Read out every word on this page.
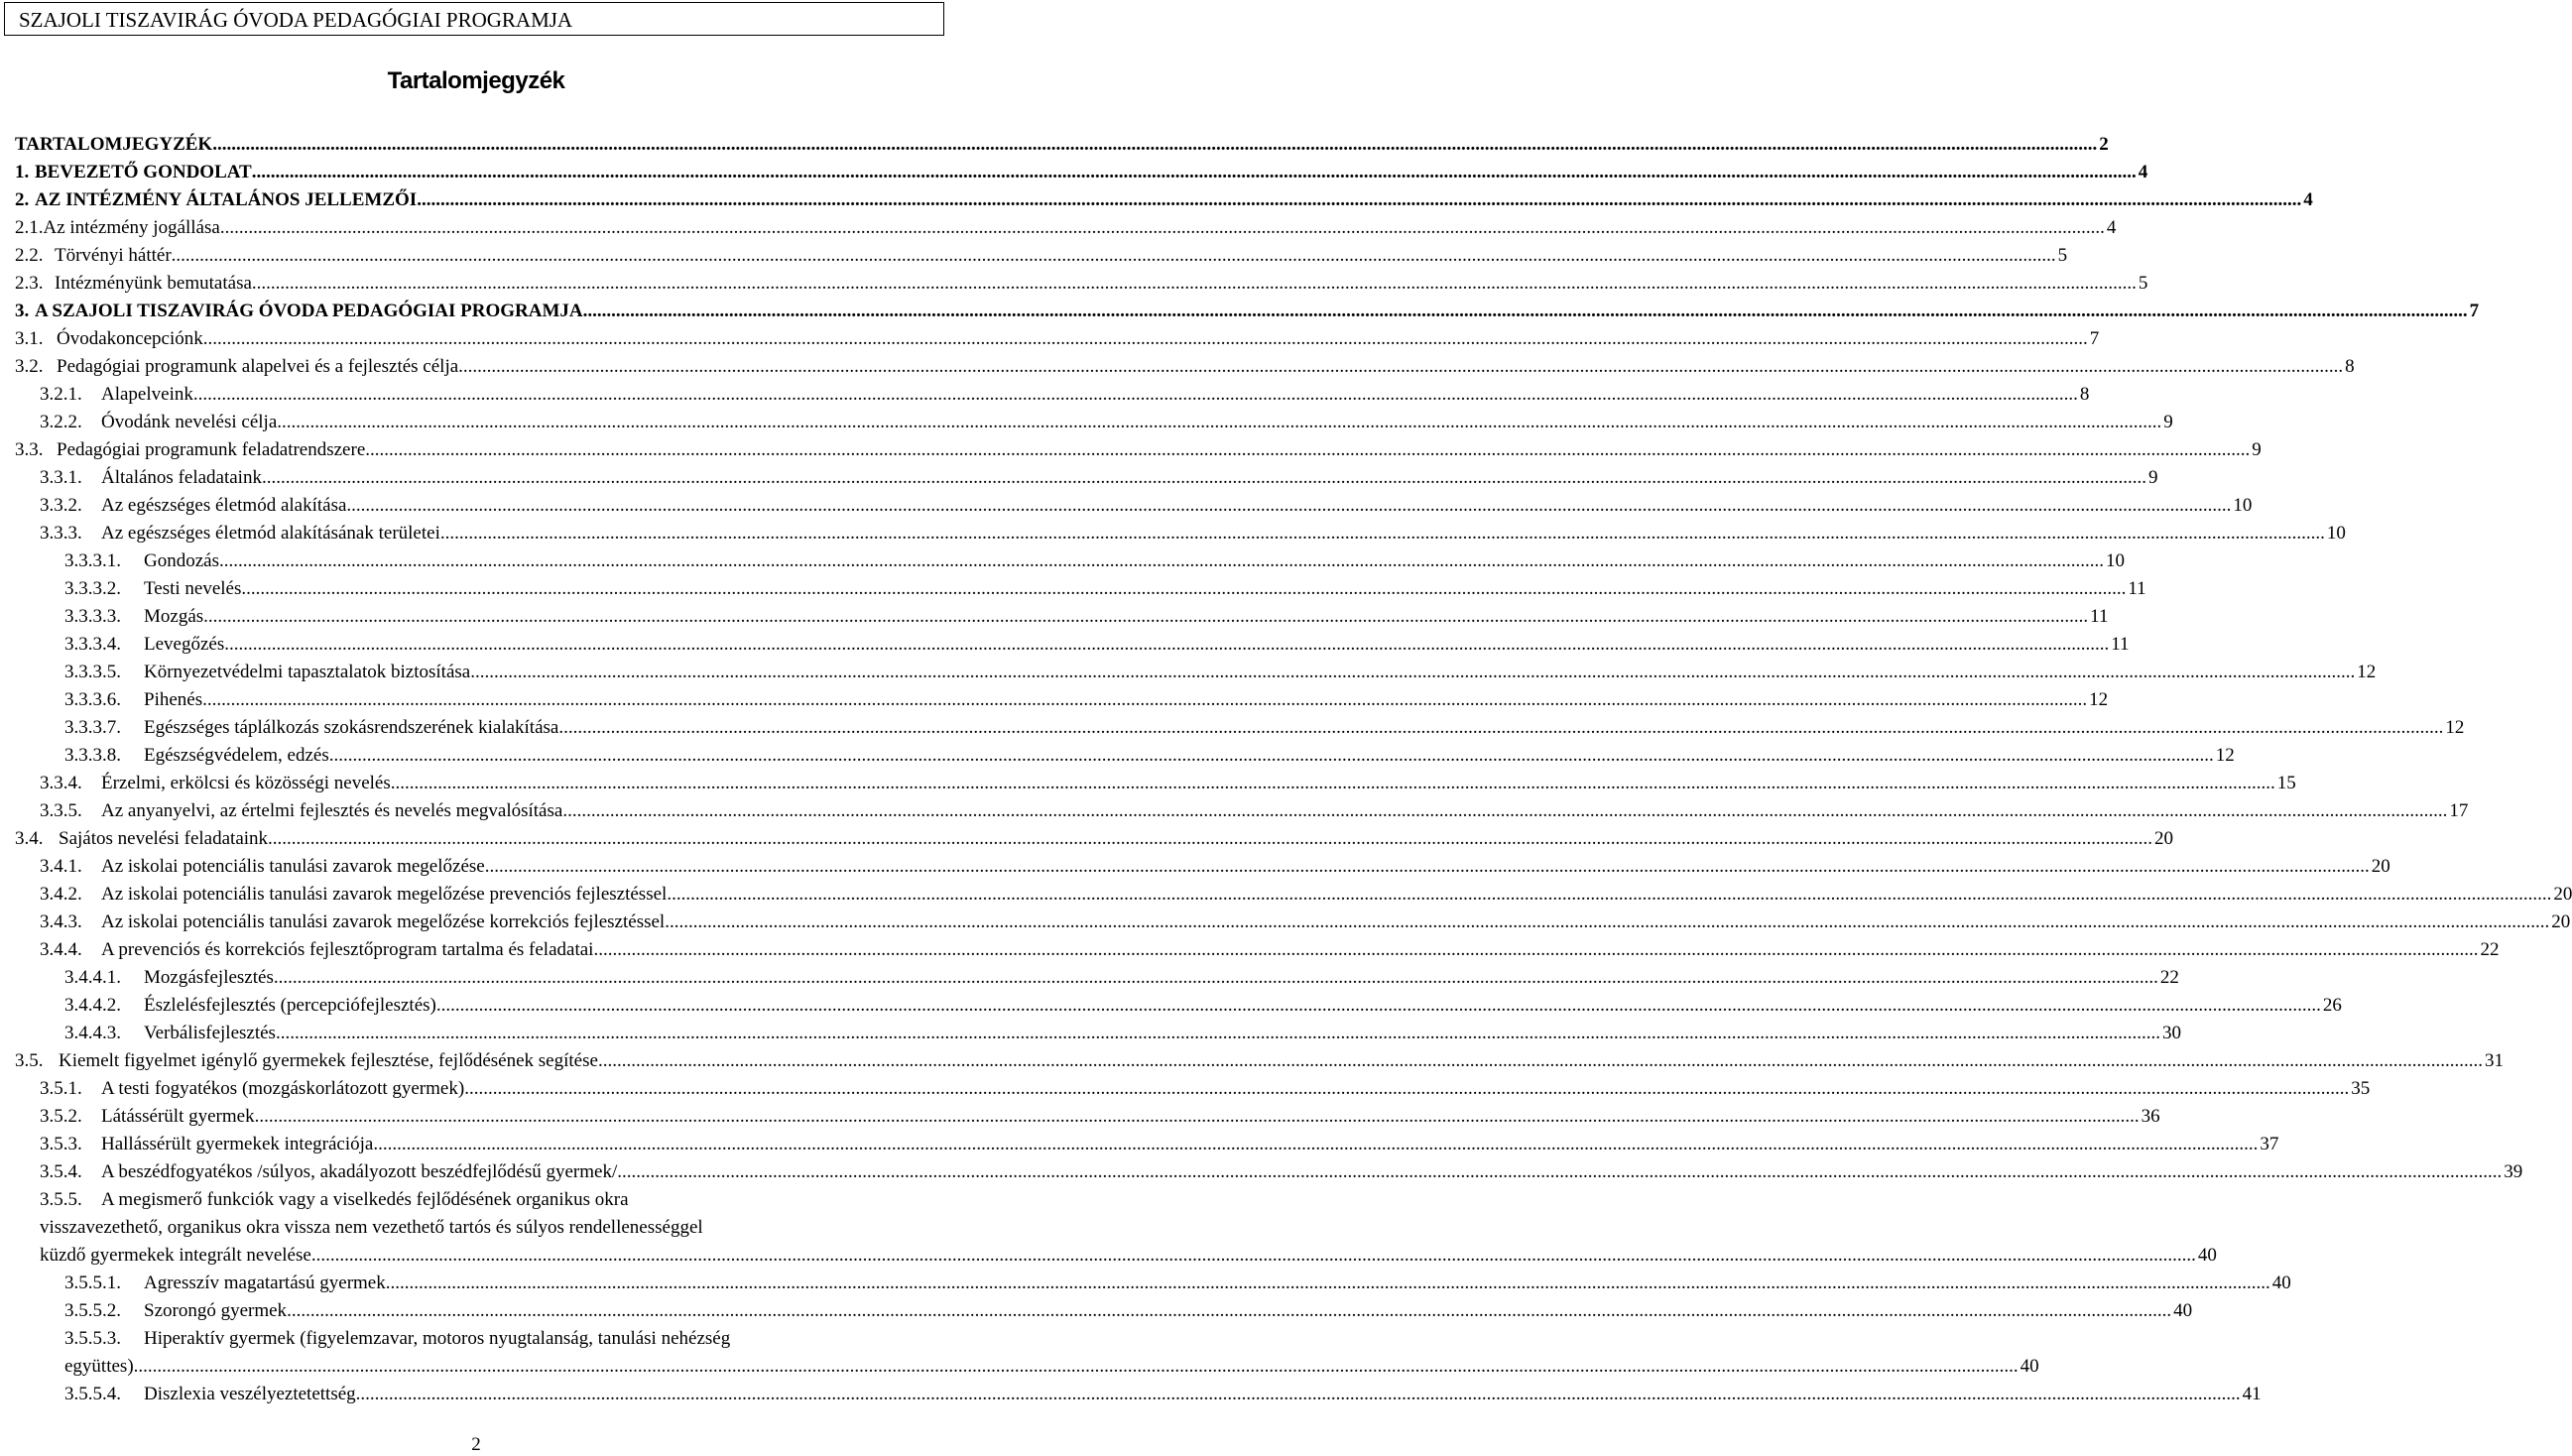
SZAJOLI TISZAVIRÁG ÓVODA PEDAGÓGIAI PROGRAMJA
Tartalomjegyzék
TARTALOMJEGYZÉK ................................................................................................................................................................................................................................................................................................................................................................................................................ 2
1. BEVEZETŐ GONDOLAT ................................................................................................................................................................................................................................................................................................................................................................................................................ 4
2. AZ INTÉZMÉNY ÁLTALÁNOS JELLEMZŐI ................................................................................................................................................................................................................................................................................................................................................................................................................ 4
2.1. Az intézmény jogállása ................................................................................................................................................................................................................................................................................................................................................................................................................ 4
2.2. Törvényi háttér ................................................................................................................................................................................................................................................................................................................................................................................................................ 5
2.3. Intézményünk bemutatása ................................................................................................................................................................................................................................................................................................................................................................................................................ 5
3. A SZAJOLI TISZAVIRÁG ÓVODA PEDAGÓGIAI PROGRAMJA ................................................................................................................................................................................................................................................................................................................................................................................................................ 7
3.1. Óvodakoncepciónk ................................................................................................................................................................................................................................................................................................................................................................................................................ 7
3.2. Pedagógiai programunk alapelvei és a fejlesztés célja ................................................................................................................................................................................................................................................................................................................................................................................................................ 8
3.2.1.	Alapelveink ................................................................................................................................................................................................................................................................................................................................................................................................................ 8
3.2.2.	Óvodánk nevelési célja ................................................................................................................................................................................................................................................................................................................................................................................................................ 9
3.3. Pedagógiai programunk feladatrendszere ................................................................................................................................................................................................................................................................................................................................................................................................................ 9
3.3.1.	Általános feladataink ................................................................................................................................................................................................................................................................................................................................................................................................................ 9
3.3.2.	Az egészséges életmód alakítása ................................................................................................................................................................................................................................................................................................................................................................................................................ 10
3.3.3.	Az egészséges életmód alakításának területei ................................................................................................................................................................................................................................................................................................................................................................................................................ 10
3.3.3.1.	Gondozás ................................................................................................................................................................................................................................................................................................................................................................................................................ 10
3.3.3.2.	Testi nevelés ................................................................................................................................................................................................................................................................................................................................................................................................................ 11
3.3.3.3.	Mozgás ................................................................................................................................................................................................................................................................................................................................................................................................................ 11
3.3.3.4.	Levegőzés ................................................................................................................................................................................................................................................................................................................................................................................................................ 11
3.3.3.5.	Környezetvédelmi tapasztalatok biztosítása ................................................................................................................................................................................................................................................................................................................................................................................................................ 12
3.3.3.6.	Pihenés ................................................................................................................................................................................................................................................................................................................................................................................................................ 12
3.3.3.7.	Egészséges táplálkozás szokásrendszerének kialakítása ................................................................................................................................................................................................................................................................................................................................................................................................................ 12
3.3.3.8.	Egészségvédelem, edzés ................................................................................................................................................................................................................................................................................................................................................................................................................ 12
3.3.4.	Érzelmi, erkölcsi és közösségi nevelés ................................................................................................................................................................................................................................................................................................................................................................................................................ 15
3.3.5.	Az anyanyelvi, az értelmi fejlesztés és nevelés megvalósítása ................................................................................................................................................................................................................................................................................................................................................................................................................ 17
3.4. Sajátos nevelési feladataink ................................................................................................................................................................................................................................................................................................................................................................................................................ 20
3.4.1.	Az iskolai potenciális tanulási zavarok megelőzése ................................................................................................................................................................................................................................................................................................................................................................................................................ 20
3.4.2.	Az iskolai potenciális tanulási zavarok megelőzése prevenciós fejlesztéssel ................................................................................................................................................................................................................................................................................................................................................................................................................ 20
3.4.3.	Az iskolai potenciális tanulási zavarok megelőzése korrekciós fejlesztéssel ................................................................................................................................................................................................................................................................................................................................................................................................................ 20
3.4.4.	A prevenciós és korrekciós fejlesztőprogram tartalma és feladatai ................................................................................................................................................................................................................................................................................................................................................................................................................ 22
3.4.4.1.	Mozgásfejlesztés ................................................................................................................................................................................................................................................................................................................................................................................................................ 22
3.4.4.2.	Észlelésfejlesztés (percepciófejlesztés) ................................................................................................................................................................................................................................................................................................................................................................................................................ 26
3.4.4.3.	Verbálisfejlesztés ................................................................................................................................................................................................................................................................................................................................................................................................................ 30
3.5. Kiemelt figyelmet igénylő gyermekek fejlesztése, fejlődésének segítése ................................................................................................................................................................................................................................................................................................................................................................................................................ 31
3.5.1.	A testi fogyatékos (mozgáskorlátozott gyermek) ................................................................................................................................................................................................................................................................................................................................................................................................................ 35
3.5.2.	Látássérült gyermek ................................................................................................................................................................................................................................................................................................................................................................................................................ 36
3.5.3.	Hallássérült gyermekek integrációja ................................................................................................................................................................................................................................................................................................................................................................................................................ 37
3.5.4.	A beszédfogyatékos /súlyos, akadályozott beszédfejlődésű gyermek/ ................................................................................................................................................................................................................................................................................................................................................................................................................ 39
3.5.5. A megismerő funkciók vagy a viselkedés fejlődésének organikus okra
visszavezethető, organikus okra vissza nem vezethető tartós és súlyos rendellenességgel
küzdő gyermekek integrált nevelése ................................................................................................................................................................................................................................................................................................................................................................................................................ 40
3.5.5.1.	Agresszív magatartású gyermek ................................................................................................................................................................................................................................................................................................................................................................................................................ 40
3.5.5.2.	Szorongó gyermek ................................................................................................................................................................................................................................................................................................................................................................................................................ 40
3.5.5.3. Hiperaktív gyermek (figyelemzavar, motoros nyugtalanság, tanulási nehézség
együttes) ................................................................................................................................................................................................................................................................................................................................................................................................................ 40
3.5.5.4.	Diszlexia veszélyeztetettség ................................................................................................................................................................................................................................................................................................................................................................................................................ 41
2
